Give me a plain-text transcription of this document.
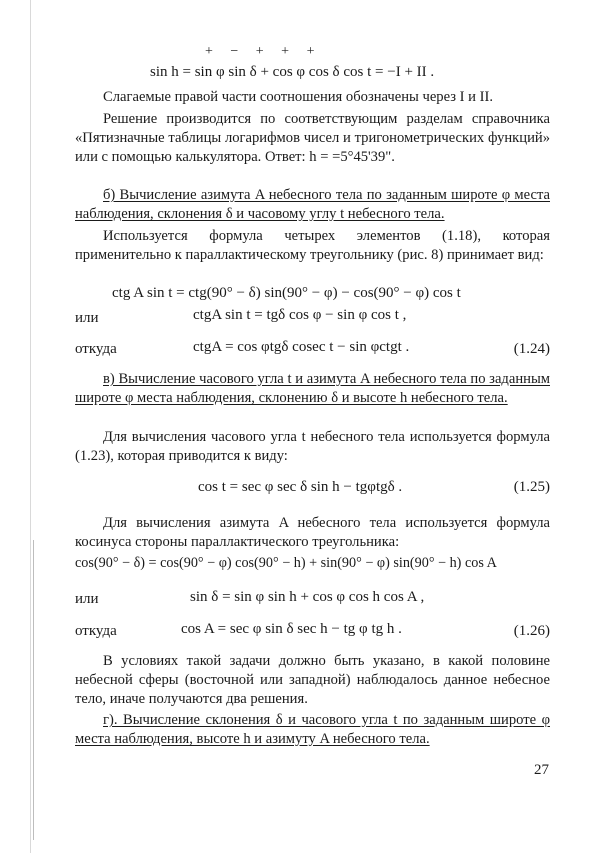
+ − + + +
sin h = sin φ sin δ + cos φ cos δ cos t = −I + II .

Слагаемые правой части соотношения обозначены через I и II.

Решение производится по соответствующим разделам справочника «Пятизначные таблицы логарифмов чисел и тригонометрических функций» или с помощью калькулятора. Ответ: h = =5°45'39".

б) Вычисление азимута A небесного тела по заданным широте φ места наблюдения, склонения δ и часовому углу t небесного тела.

Используется формула четырех элементов (1.18), которая применительно к параллактическому треугольнику (рис. 8) принимает вид:

ctg A sin t = ctg(90° − δ) sin(90° − φ) − cos(90° − φ) cos t
или	ctgA sin t = tgδ cos φ − sin φ cos t ,
откуда	ctgA = cos φtgδ cosec t − sin φctgt .	(1.24)

в) Вычисление часового угла t и азимута A небесного тела по заданным широте φ места наблюдения, склонению δ и высоте h небесного тела.

Для вычисления часового угла t небесного тела используется формула (1.23), которая приводится к виду:

cos t = sec φ sec δ sin h − tgφtgδ .	(1.25)

Для вычисления азимута A небесного тела используется формула косинуса стороны параллактического треугольника:

cos(90° − δ) = cos(90° − φ) cos(90° − h) + sin(90° − φ) sin(90° − h) cos A
или	sin δ = sin φ sin h + cos φ cos h cos A ,
откуда	cos A = sec φ sin δ sec h − tg φ tg h .	(1.26)

В условиях такой задачи должно быть указано, в какой половине небесной сферы (восточной или западной) наблюдалось данное небесное тело, иначе получаются два решения.

г). Вычисление склонения δ и часового угла t по заданным широте φ места наблюдения, высоте h и азимуту A небесного тела.

27
